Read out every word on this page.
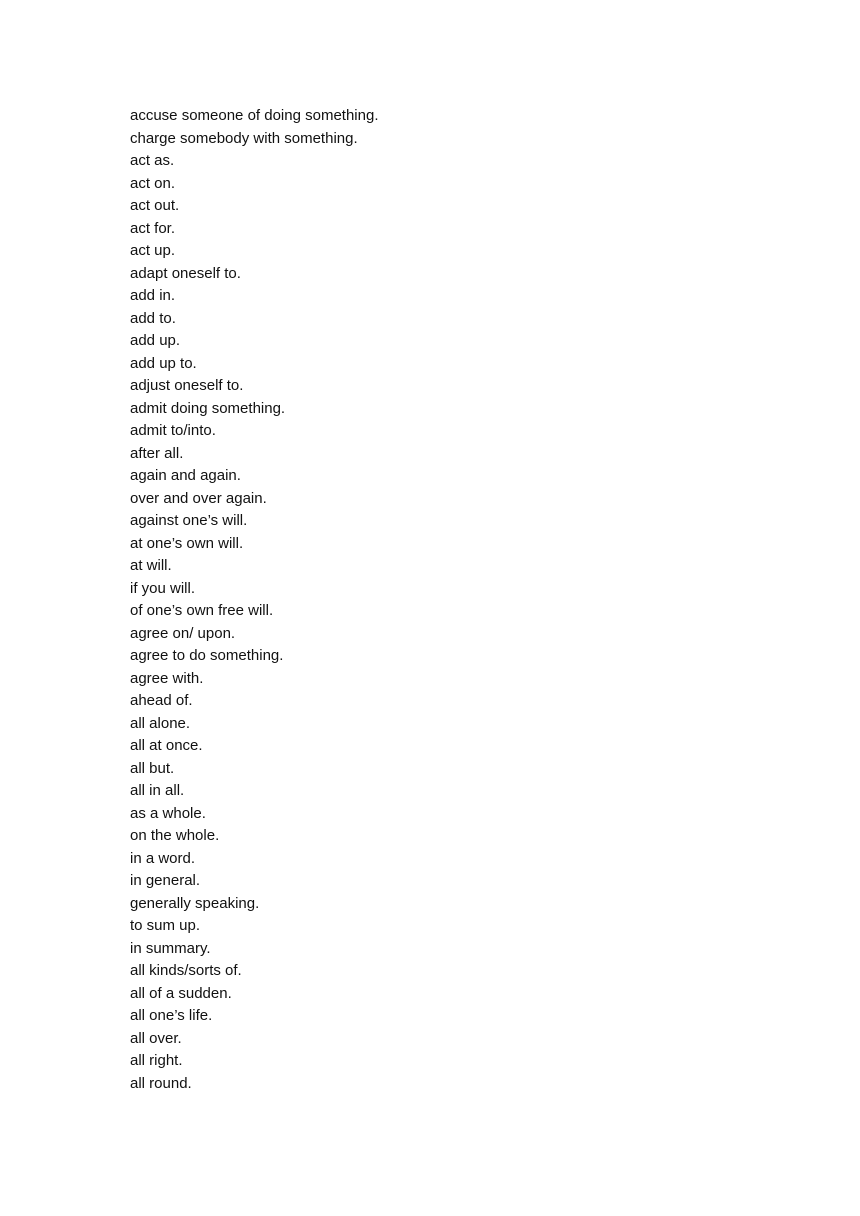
accuse someone of doing something.
charge somebody with something.
act as.
act on.
act out.
act for.
act up.
adapt oneself to.
add in.
add to.
add up.
add up to.
adjust oneself to.
admit doing something.
admit to/into.
after all.
again and again.
over and over again.
against one’s will.
at one’s own will.
at will.
if you will.
of one’s own free will.
agree on/ upon.
agree to do something.
agree with.
ahead of.
all alone.
all at once.
all but.
all in all.
as a whole.
on the whole.
in a word.
in general.
generally speaking.
to sum up.
in summary.
all kinds/sorts of.
all of a sudden.
all one’s life.
all over.
all right.
all round.
